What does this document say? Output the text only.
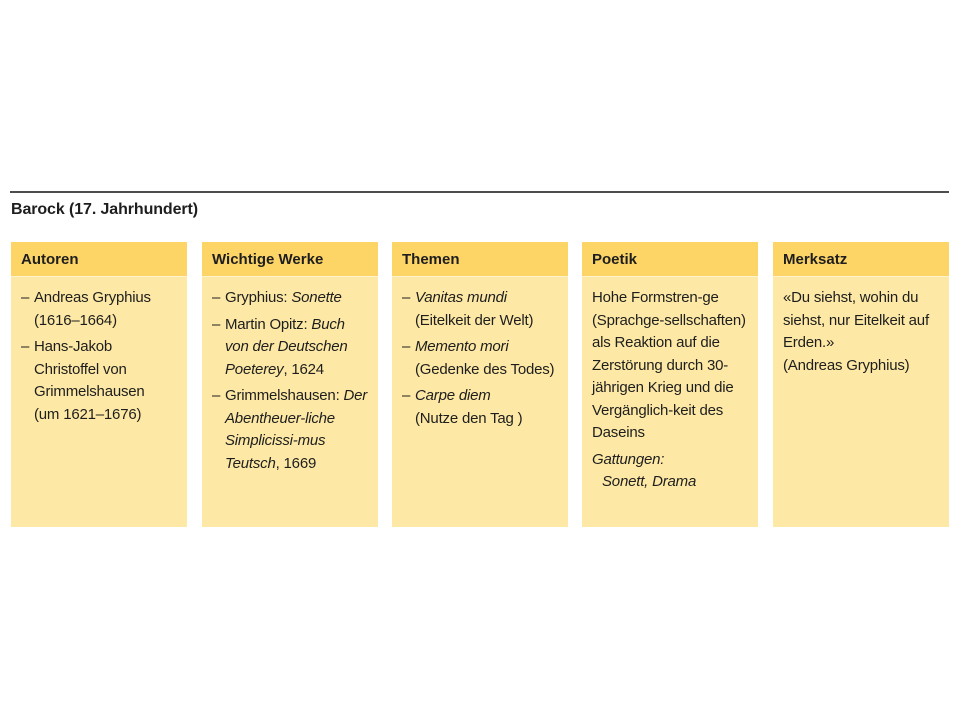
Barock (17. Jahrhundert)
Autoren
– Andreas Gryphius
(1616–1664)
– Hans-Jakob Christoffel von Grimmelshausen
(um 1621–1676)
Wichtige Werke
– Gryphius: Sonette
– Martin Opitz: Buch von der Deutschen Poeterey, 1624
– Grimmelshausen: Der Abentheuer-liche Simplicissi-mus Teutsch, 1669
Themen
– Vanitas mundi
(Eitelkeit der Welt)
– Memento mori
(Gedenke des Todes)
– Carpe diem
(Nutze den Tag )
Poetik
Hohe Formstren-ge (Sprachge-sellschaften) als Reaktion auf die Zerstörung durch 30-jährigen Krieg und die Vergänglich-keit des Daseins
Gattungen:
Sonett, Drama
Merksatz
«Du siehst, wohin du siehst, nur Eitelkeit auf Erden.»
(Andreas Gryphius)
